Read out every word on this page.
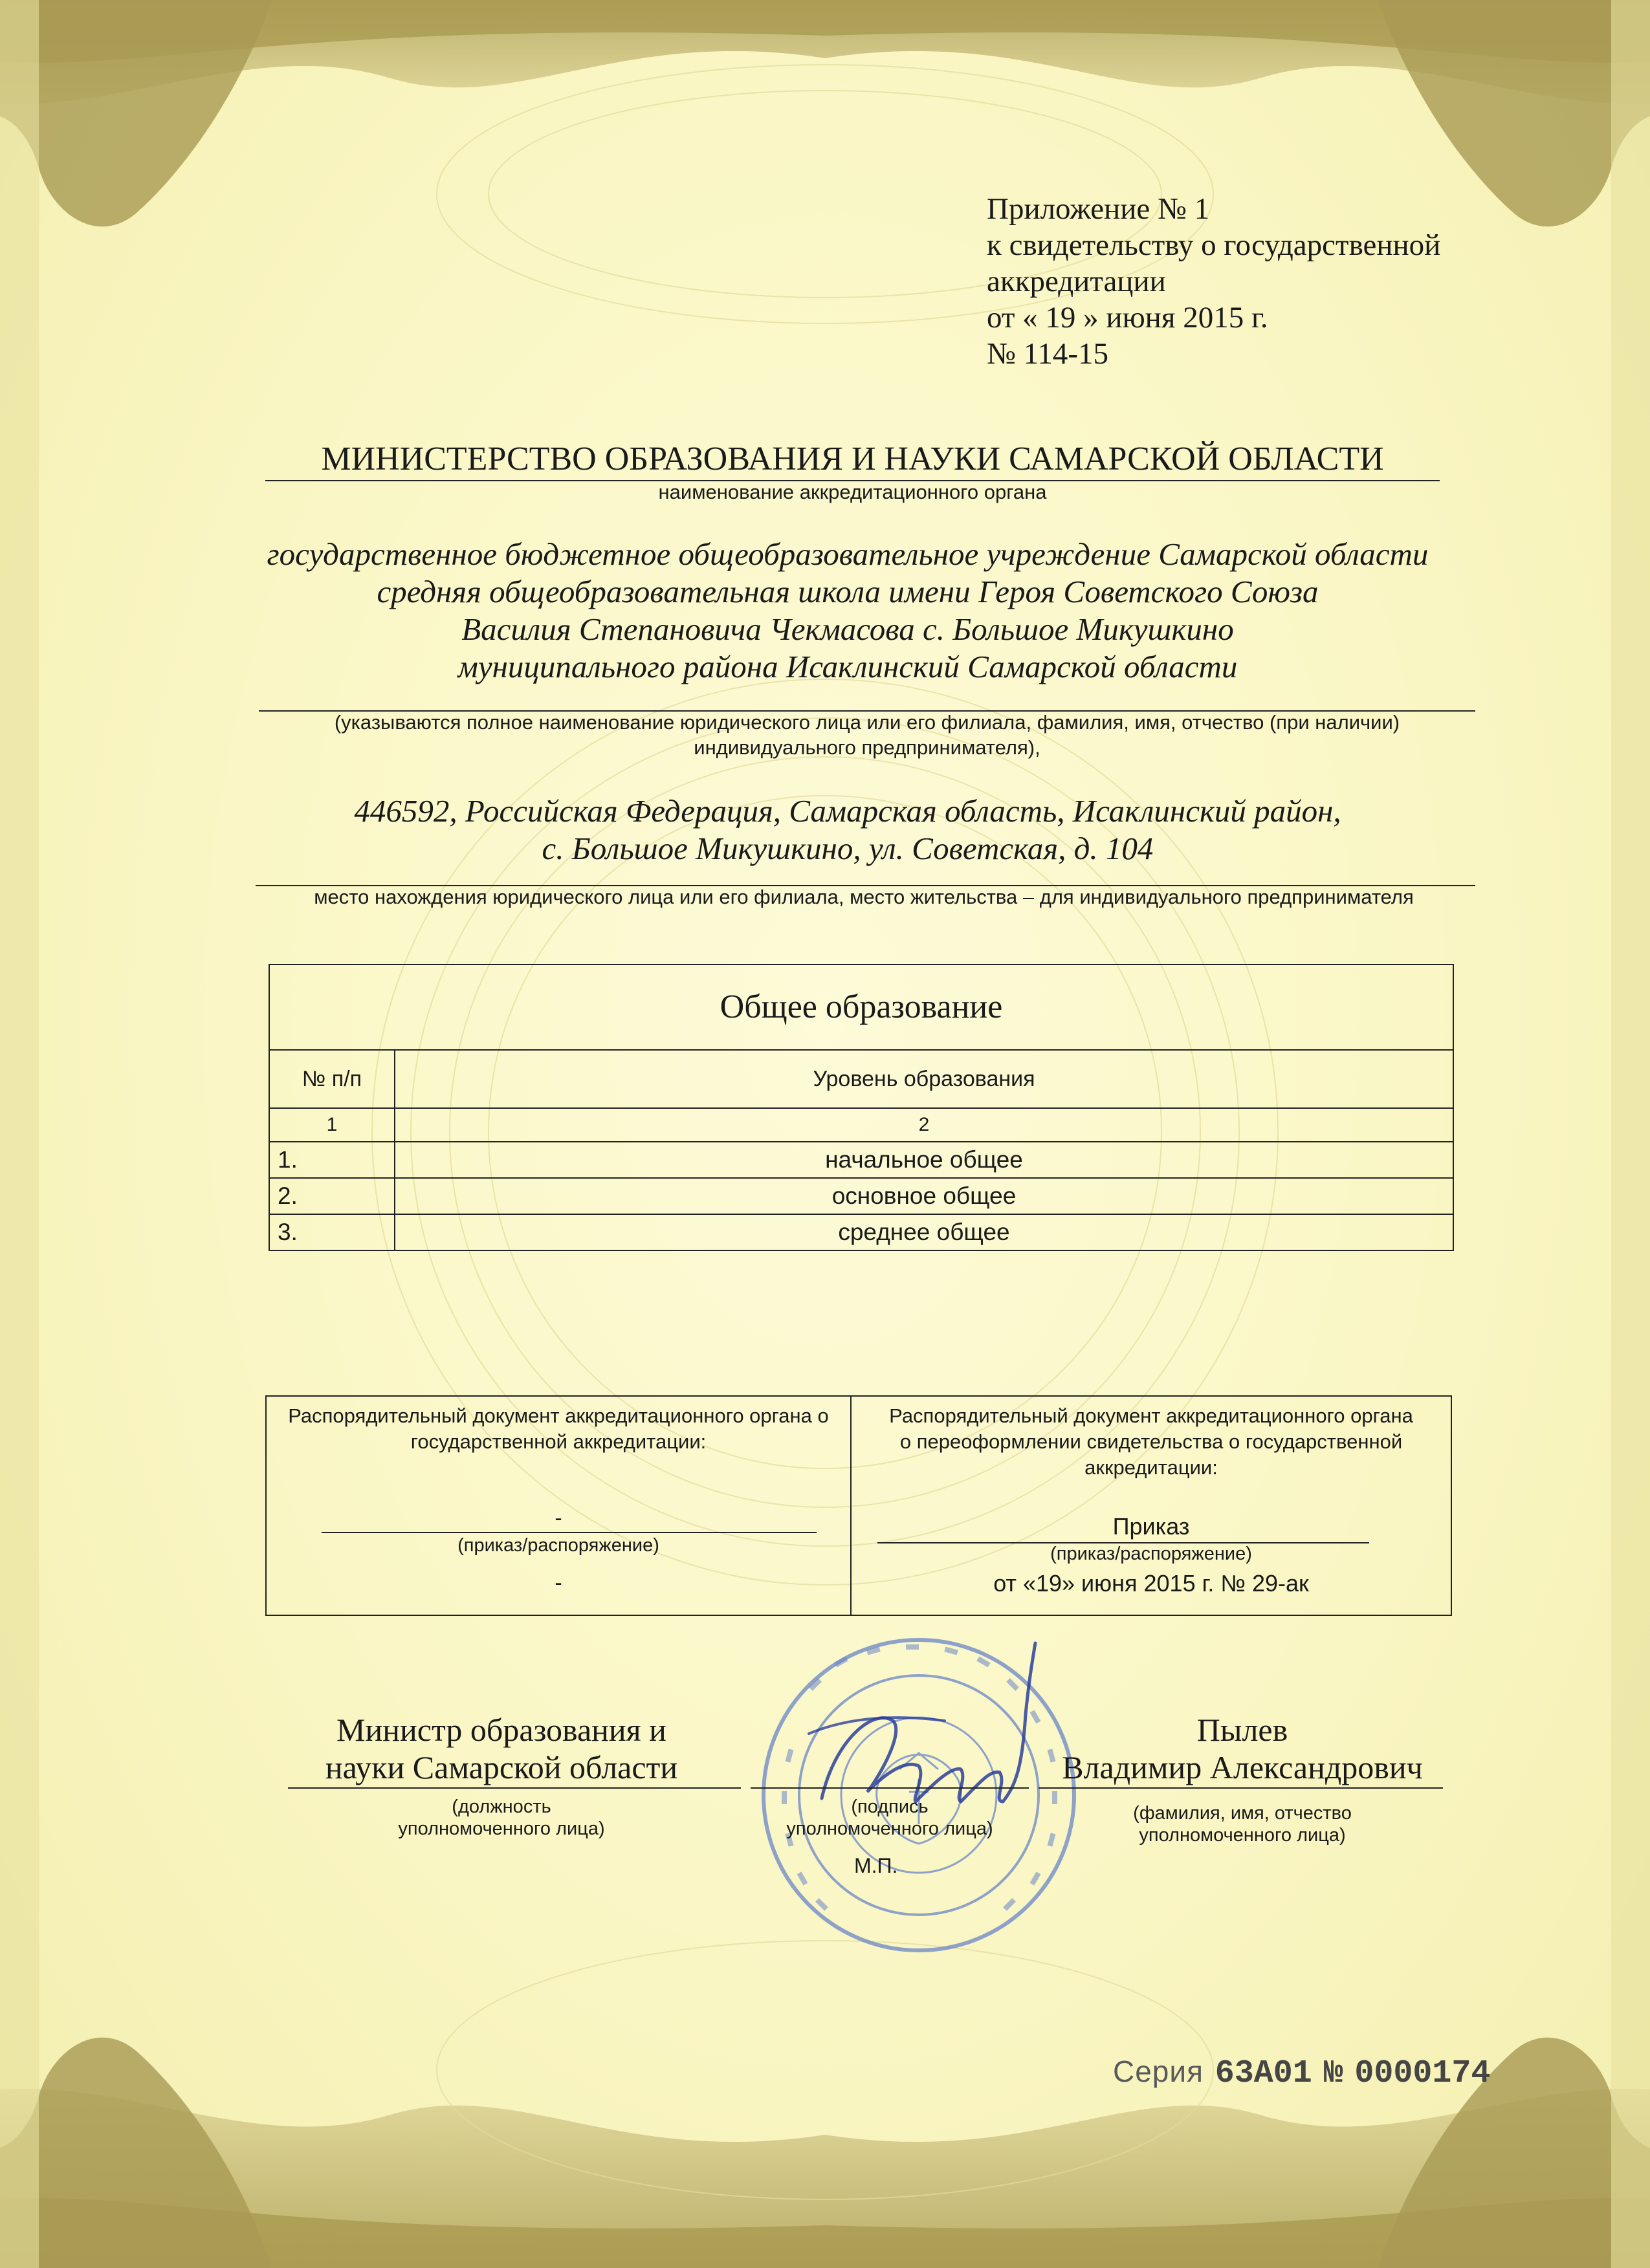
Приложение № 1
к свидетельству о государственной
аккредитации
от « 19 » июня 2015 г.
№ 114-15
МИНИСТЕРСТВО ОБРАЗОВАНИЯ И НАУКИ САМАРСКОЙ ОБЛАСТИ
наименование аккредитационного органа
государственное бюджетное общеобразовательное учреждение Самарской области
средняя общеобразовательная школа имени Героя Советского Союза
Василия Степановича Чекмасова с. Большое Микушкино
муниципального района Исаклинский Самарской области
(указываются полное наименование юридического лица или его филиала, фамилия, имя, отчество (при наличии)
индивидуального предпринимателя),
446592, Российская Федерация, Самарская область, Исаклинский район,
с. Большое Микушкино, ул. Советская, д. 104
место нахождения юридического лица или его филиала, место жительства – для индивидуального предпринимателя
Общее образование
№ п/п	Уровень образования
1	2
1.	начальное общее
2.	основное общее
3.	среднее общее
Распорядительный документ аккредитационного органа о
государственной аккредитации:
-
(приказ/распоряжение)
-
Распорядительный документ аккредитационного органа
о переоформлении свидетельства о государственной
аккредитации:
Приказ
(приказ/распоряжение)
от «19» июня 2015 г. № 29-ак
Министр образования и
науки Самарской области
(должность
уполномоченного лица)
(подпись
уполномоченного лица)
М.П.
Пылев
Владимир Александрович
(фамилия, имя, отчество
уполномоченного лица)
Серия 63А01 № 0000174
